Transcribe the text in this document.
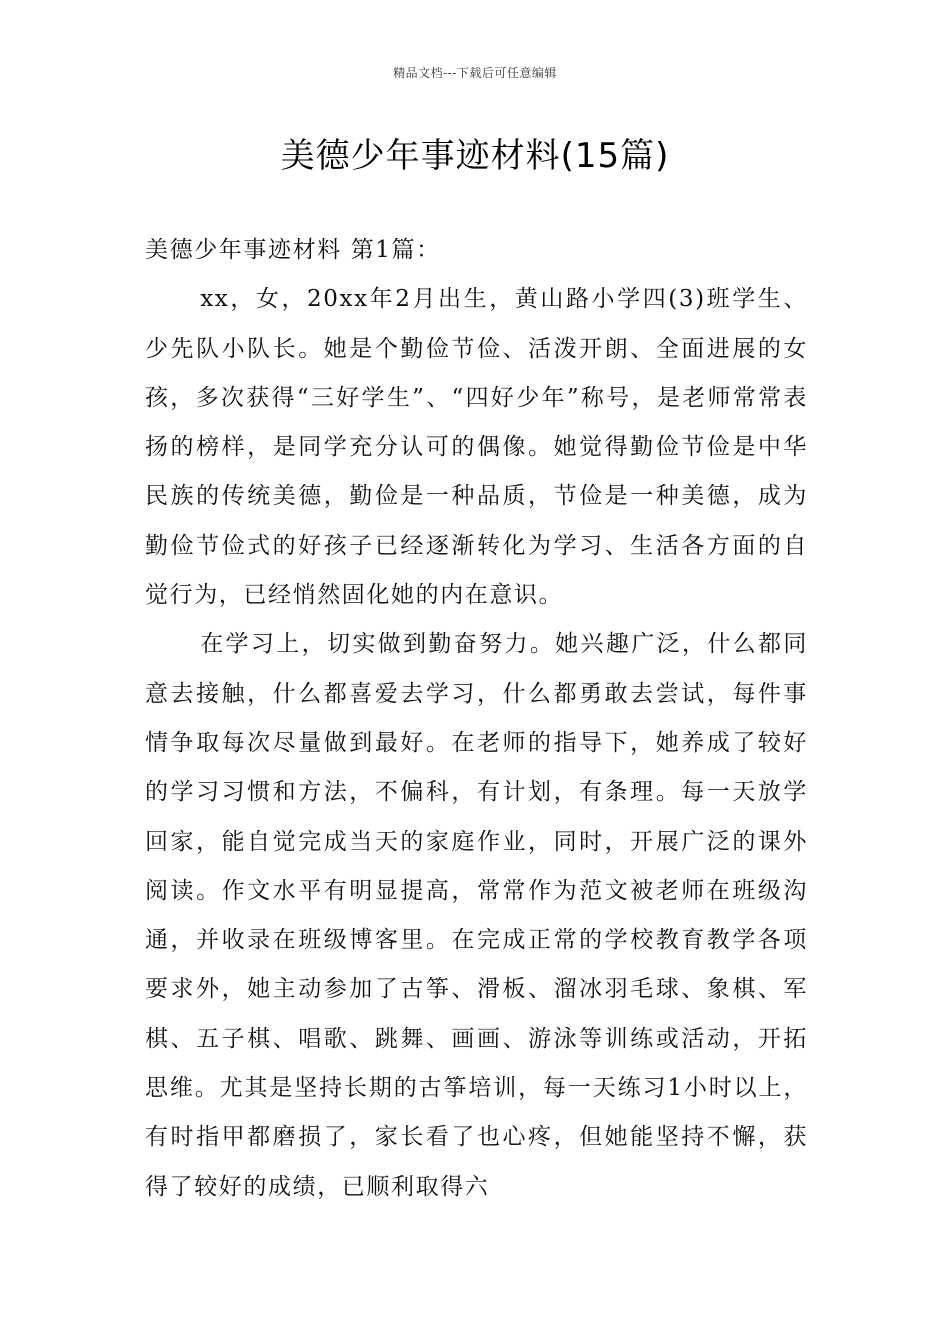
精品文档---下载后可任意编辑
美德少年事迹材料(15篇)

美德少年事迹材料 第1篇：

xx，女，20xx年2月出生，黄山路小学四(3)班学生、少先队小队长。她是个勤俭节俭、活泼开朗、全面进展的女孩，多次获得“三好学生”、“四好少年”称号，是老师常常表扬的榜样，是同学充分认可的偶像。她觉得勤俭节俭是中华民族的传统美德，勤俭是一种品质，节俭是一种美德，成为勤俭节俭式的好孩子已经逐渐转化为学习、生活各方面的自觉行为，已经悄然固化她的内在意识。

在学习上，切实做到勤奋努力。她兴趣广泛，什么都同意去接触，什么都喜爱去学习，什么都勇敢去尝试，每件事情争取每次尽量做到最好。在老师的指导下，她养成了较好的学习习惯和方法，不偏科，有计划，有条理。每一天放学回家，能自觉完成当天的家庭作业，同时，开展广泛的课外阅读。作文水平有明显提高，常常作为范文被老师在班级沟通，并收录在班级博客里。在完成正常的学校教育教学各项要求外，她主动参加了古筝、滑板、溜冰羽毛球、象棋、军棋、五子棋、唱歌、跳舞、画画、游泳等训练或活动，开拓思维。尤其是坚持长期的古筝培训，每一天练习1小时以上，有时指甲都磨损了，家长看了也心疼，但她能坚持不懈，获得了较好的成绩，已顺利取得六
